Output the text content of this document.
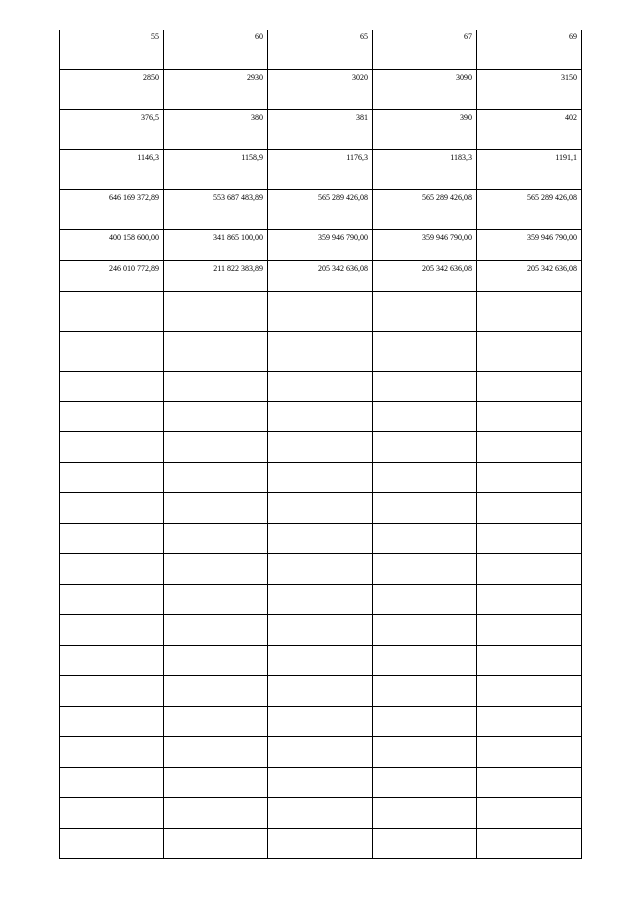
55	60	65	67	69
2850	2930	3020	3090	3150
376,5	380	381	390	402
1146,3	1158,9	1176,3	1183,3	1191,1
646 169 372,89	553 687 483,89	565 289 426,08	565 289 426,08	565 289 426,08
400 158 600,00	341 865 100,00	359 946 790,00	359 946 790,00	359 946 790,00
246 010 772,89	211 822 383,89	205 342 636,08	205 342 636,08	205 342 636,08
